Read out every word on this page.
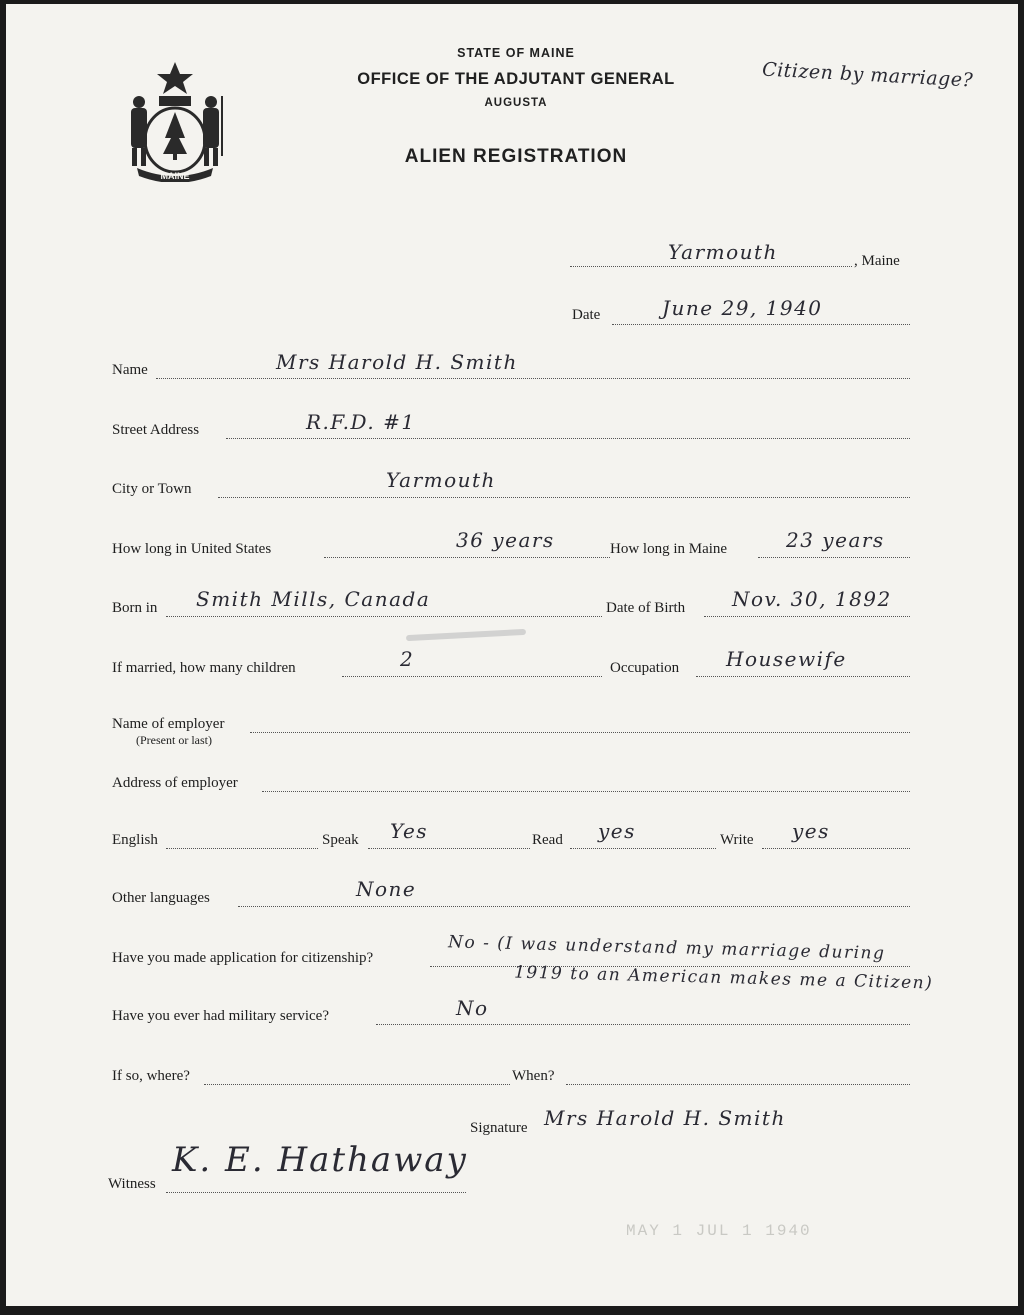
MAINE
STATE OF MAINE
OFFICE OF THE ADJUTANT GENERAL
AUGUSTA
ALIEN REGISTRATION
Citizen by marriage?
Yarmouth	, Maine
Date	June 29, 1940
Name	Mrs Harold H. Smith
Street Address	R.F.D. #1
City or Town	Yarmouth
How long in United States	36 years	How long in Maine	23 years
Born in Smith Mills, Canada	Date of Birth Nov. 30, 1892
If married, how many children	2	Occupation Housewife
Name of employer
(Present or last)
Address of employer
English	Speak Yes	Read yes	Write yes
Other languages	None
Have you made application for citizenship?	No - (I was understand my marriage during
1919 to an American makes me a Citizen)
Have you ever had military service?	No
If so, where?	When?
Signature Mrs Harold H. Smith
Witness
K. E. Hathaway
MAY 1 JUL 1 1940
